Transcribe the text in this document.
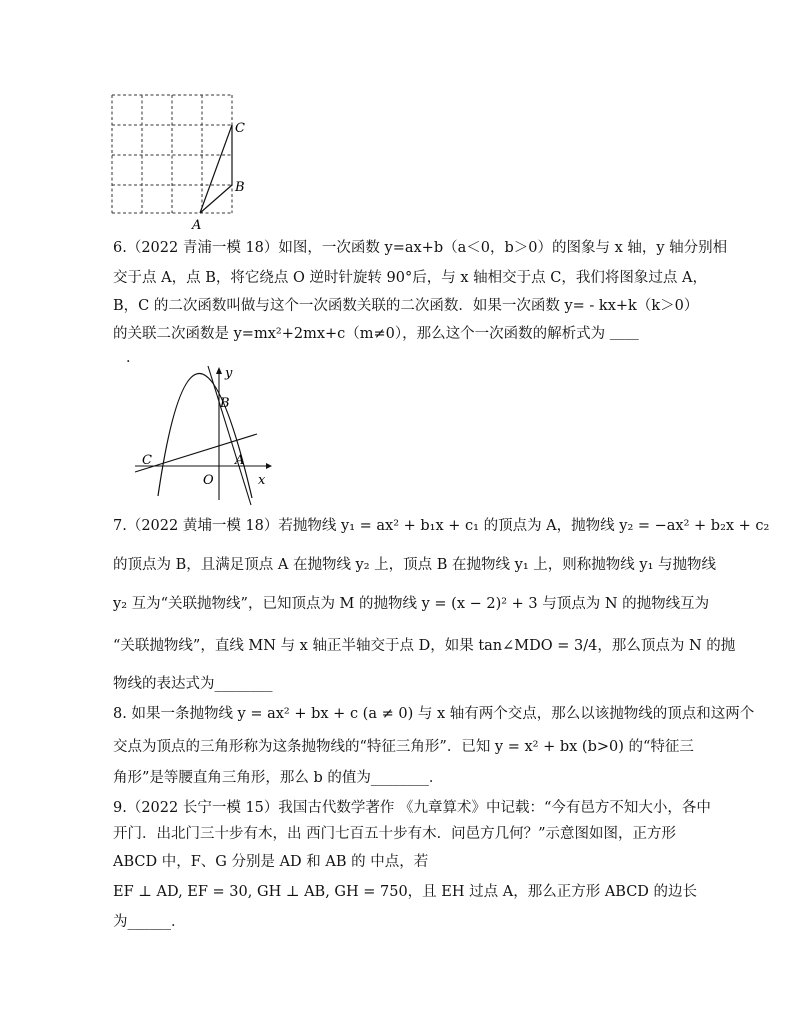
C
B
A
6.（2022 青浦一模 18）如图，一次函数 y=ax+b（a＜0，b＞0）的图象与 x 轴，y 轴分别相
交于点 A，点 B，将它绕点 O 逆时针旋转 90°后，与 x 轴相交于点 C，我们将图象过点 A，
B，C 的二次函数叫做与这个一次函数关联的二次函数．如果一次函数 y= - kx+k（k＞0）
的关联二次函数是 y=mx²+2mx+c（m≠0），那么这个一次函数的解析式为 ＿＿
．
y
B
C	A
O	x
7.（2022 黄埔一模 18）若抛物线 y₁ = ax² + b₁x + c₁ 的顶点为 A，抛物线 y₂ = −ax² + b₂x + c₂
的顶点为 B，且满足顶点 A 在抛物线 y₂ 上，顶点 B 在抛物线 y₁ 上，则称抛物线 y₁ 与抛物线
y₂ 互为“关联抛物线”，已知顶点为 M 的抛物线 y = (x − 2)² + 3 与顶点为 N 的抛物线互为
“关联抛物线”，直线 MN 与 x 轴正半轴交于点 D，如果 tan∠MDO = 3/4，那么顶点为 N 的抛
物线的表达式为________
8. 如果一条抛物线 y = ax² + bx + c (a ≠ 0) 与 x 轴有两个交点，那么以该抛物线的顶点和这两个
交点为顶点的三角形称为这条抛物线的“特征三角形”．已知 y = x² + bx (b>0) 的“特征三
角形”是等腰直角三角形，那么 b 的值为________．
9.（2022 长宁一模 15）我国古代数学著作 《九章算术》中记载：“今有邑方不知大小，各中
开门．出北门三十步有木，出 西门七百五十步有木．问邑方几何？”示意图如图，正方形
ABCD 中，F、G 分别是 AD 和 AB 的 中点，若
EF ⊥ AD, EF = 30, GH ⊥ AB, GH = 750，且 EH 过点 A，那么正方形 ABCD 的边长
为______．
